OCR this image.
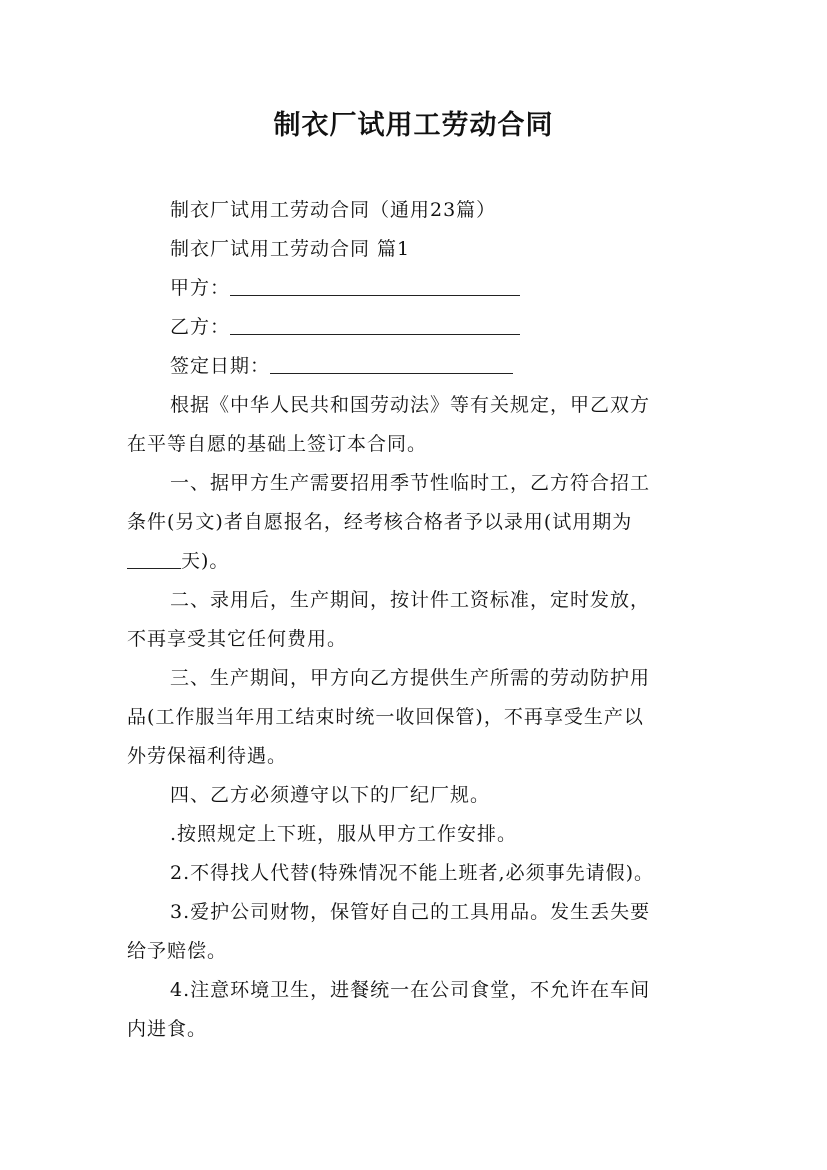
制衣厂试用工劳动合同
制衣厂试用工劳动合同（通用23篇）
制衣厂试用工劳动合同 篇1
甲方：
乙方：
签定日期：
根据《中华人民共和国劳动法》等有关规定，甲乙双方
在平等自愿的基础上签订本合同。
一、据甲方生产需要招用季节性临时工，乙方符合招工
条件(另文)者自愿报名，经考核合格者予以录用(试用期为
天)。
二、录用后，生产期间，按计件工资标准，定时发放，
不再享受其它任何费用。
三、生产期间，甲方向乙方提供生产所需的劳动防护用
品(工作服当年用工结束时统一收回保管)，不再享受生产以
外劳保福利待遇。
四、乙方必须遵守以下的厂纪厂规。
.按照规定上下班，服从甲方工作安排。
2.不得找人代替(特殊情况不能上班者,必须事先请假)。
3.爱护公司财物，保管好自己的工具用品。发生丢失要
给予赔偿。
4.注意环境卫生，进餐统一在公司食堂，不允许在车间
内进食。
